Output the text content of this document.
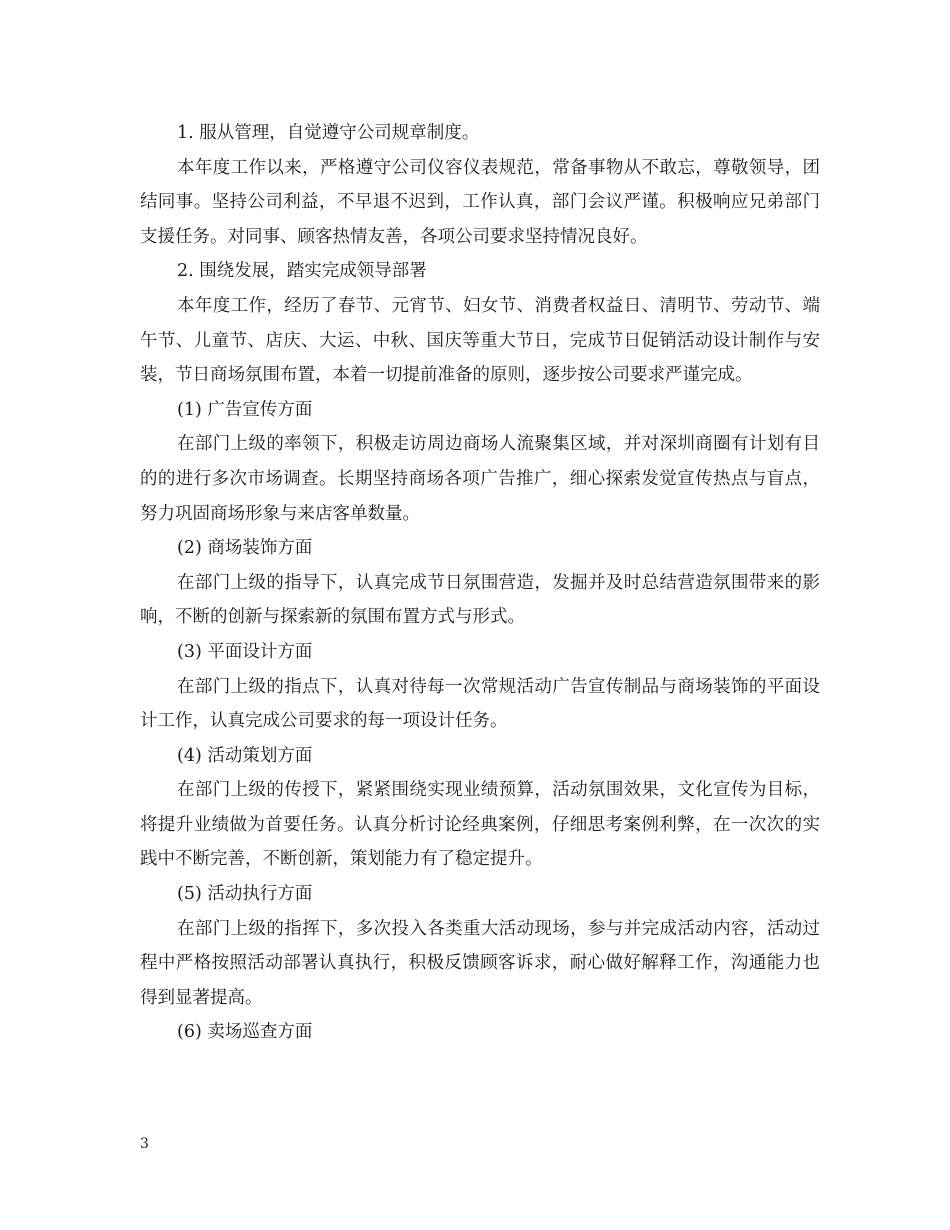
1. 服从管理，自觉遵守公司规章制度。

本年度工作以来，严格遵守公司仪容仪表规范，常备事物从不敢忘，尊敬领导，团结同事。坚持公司利益，不早退不迟到，工作认真，部门会议严谨。积极响应兄弟部门支援任务。对同事、顾客热情友善，各项公司要求坚持情况良好。

2. 围绕发展，踏实完成领导部署

本年度工作，经历了春节、元宵节、妇女节、消费者权益日、清明节、劳动节、端午节、儿童节、店庆、大运、中秋、国庆等重大节日，完成节日促销活动设计制作与安装，节日商场氛围布置，本着一切提前准备的原则，逐步按公司要求严谨完成。

(1) 广告宣传方面

在部门上级的率领下，积极走访周边商场人流聚集区域，并对深圳商圈有计划有目的的进行多次市场调查。长期坚持商场各项广告推广，细心探索发觉宣传热点与盲点，努力巩固商场形象与来店客单数量。

(2) 商场装饰方面

在部门上级的指导下，认真完成节日氛围营造，发掘并及时总结营造氛围带来的影响，不断的创新与探索新的氛围布置方式与形式。

(3) 平面设计方面

在部门上级的指点下，认真对待每一次常规活动广告宣传制品与商场装饰的平面设计工作，认真完成公司要求的每一项设计任务。

(4) 活动策划方面

在部门上级的传授下，紧紧围绕实现业绩预算，活动氛围效果，文化宣传为目标，将提升业绩做为首要任务。认真分析讨论经典案例，仔细思考案例利弊，在一次次的实践中不断完善，不断创新，策划能力有了稳定提升。

(5) 活动执行方面

在部门上级的指挥下，多次投入各类重大活动现场，参与并完成活动内容，活动过程中严格按照活动部署认真执行，积极反馈顾客诉求，耐心做好解释工作，沟通能力也得到显著提高。

(6) 卖场巡查方面

3
